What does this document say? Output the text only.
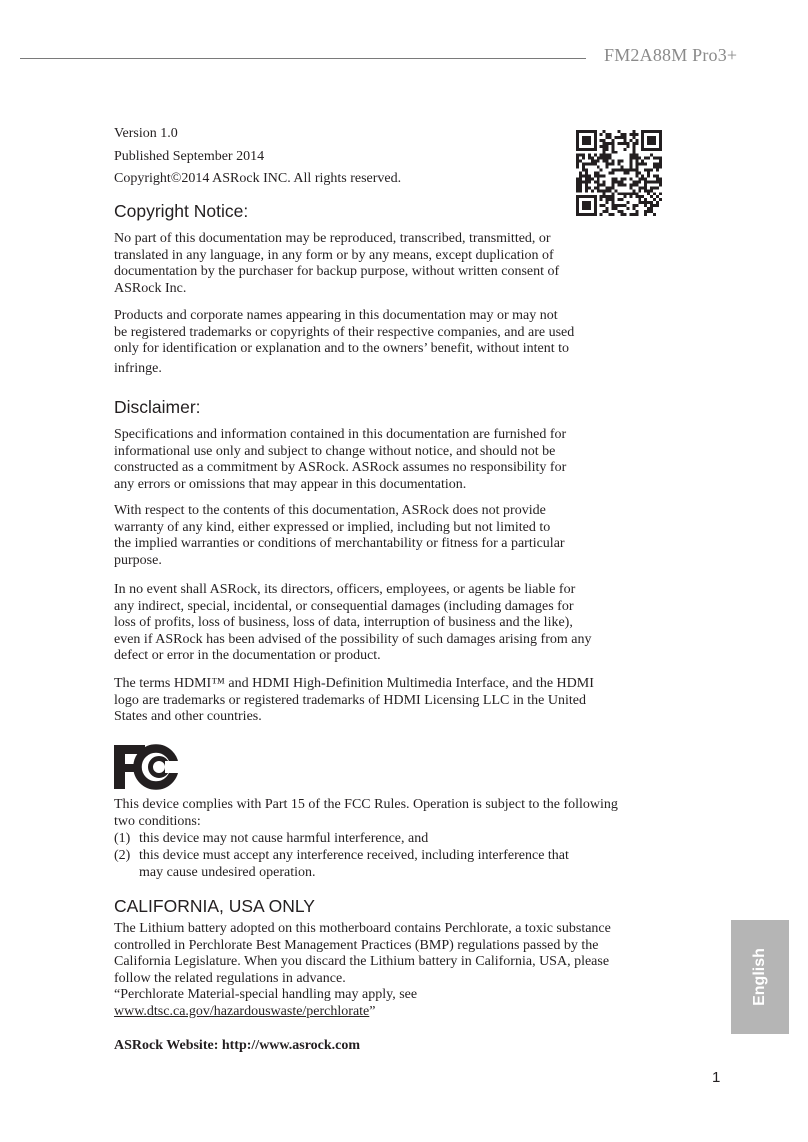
FM2A88M Pro3+
Version 1.0
Published September 2014
Copyright©2014 ASRock INC. All rights reserved.
Copyright Notice:

No part of this documentation may be reproduced, transcribed, transmitted, or
translated in any language, in any form or by any means, except duplication of
documentation by the purchaser for backup purpose, without written consent of
ASRock Inc.

Products and corporate names appearing in this documentation may or may not
be registered trademarks or copyrights of their respective companies, and are used
only for identification or explanation and to the owners’ benefit, without intent to
infringe.

Disclaimer:

Specifications and information contained in this documentation are furnished for
informational use only and subject to change without notice, and should not be
constructed as a commitment by ASRock. ASRock assumes no responsibility for
any errors or omissions that may appear in this documentation.

With respect to the contents of this documentation, ASRock does not provide
warranty of any kind, either expressed or implied, including but not limited to
the implied warranties or conditions of merchantability or fitness for a particular
purpose.

In no event shall ASRock, its directors, officers, employees, or agents be liable for
any indirect, special, incidental, or consequential damages (including damages for
loss of profits, loss of business, loss of data, interruption of business and the like),
even if ASRock has been advised of the possibility of such damages arising from any
defect or error in the documentation or product.

The terms HDMI™ and HDMI High-Definition Multimedia Interface, and the HDMI
logo are trademarks or registered trademarks of HDMI Licensing LLC in the United
States and other countries.

This device complies with Part 15 of the FCC Rules. Operation is subject to the following
two conditions:

(1) this device may not cause harmful interference, and
(2) this device must accept any interference received, including interference that
may cause undesired operation.
CALIFORNIA, USA ONLY

The Lithium battery adopted on this motherboard contains Perchlorate, a toxic substance
controlled in Perchlorate Best Management Practices (BMP) regulations passed by the
California Legislature. When you discard the Lithium battery in California, USA, please
follow the related regulations in advance.
“Perchlorate Material-special handling may apply, see
www.dtsc.ca.gov/hazardouswaste/perchlorate”

ASRock Website: http://www.asrock.com
English
1
